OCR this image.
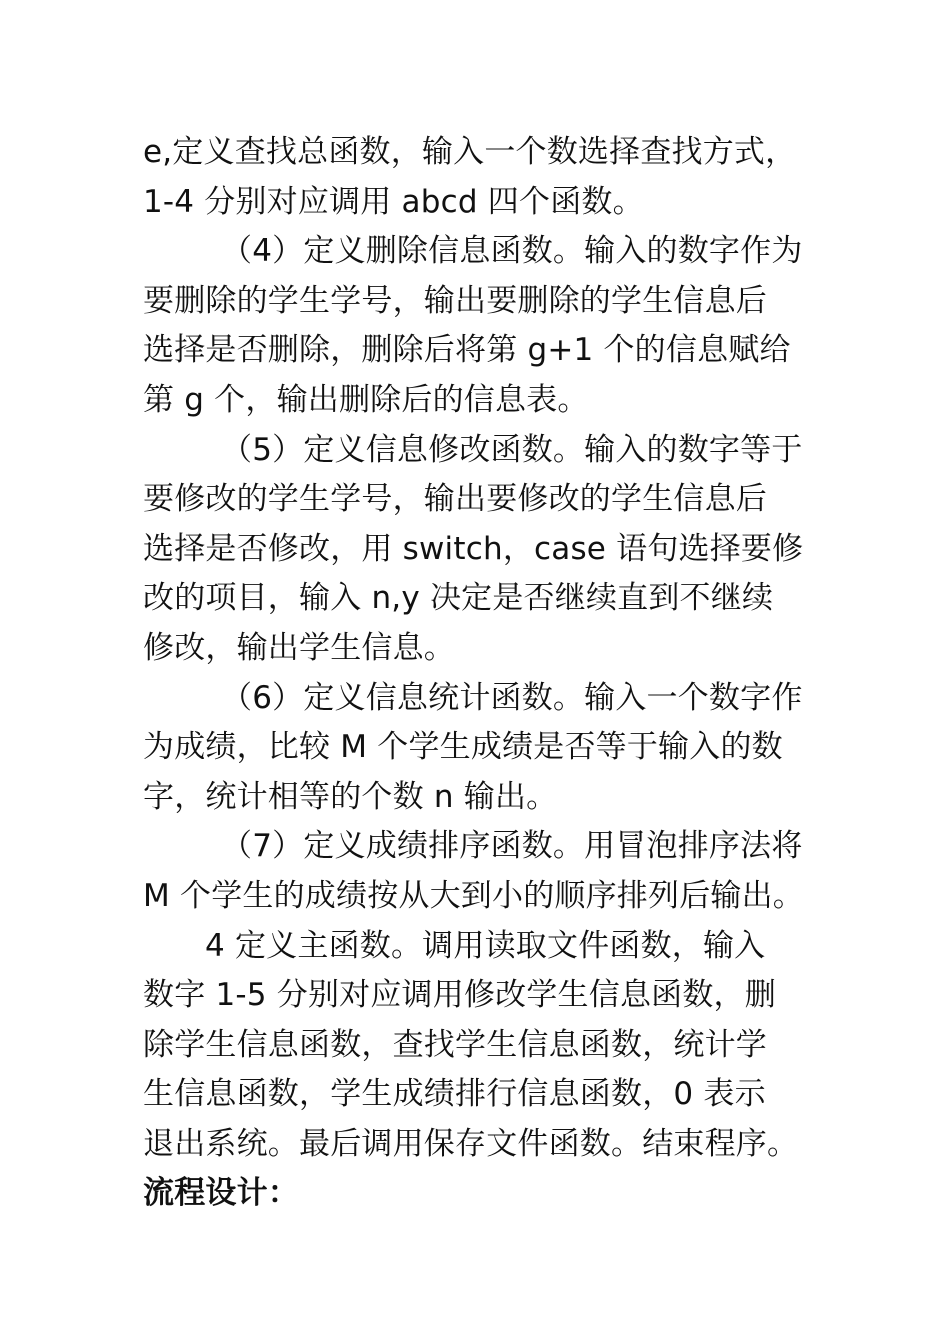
e,定义查找总函数，输入一个数选择查找方式，
1-4 分别对应调用 abcd 四个函数。
（4）定义删除信息函数。输入的数字作为
要删除的学生学号，输出要删除的学生信息后
选择是否删除，删除后将第 g+1 个的信息赋给
第 g 个，输出删除后的信息表。
（5）定义信息修改函数。输入的数字等于
要修改的学生学号，输出要修改的学生信息后
选择是否修改，用 switch，case 语句选择要修
改的项目，输入 n,y 决定是否继续直到不继续
修改，输出学生信息。
（6）定义信息统计函数。输入一个数字作
为成绩，比较 M 个学生成绩是否等于输入的数
字，统计相等的个数 n 输出。
（7）定义成绩排序函数。用冒泡排序法将
M 个学生的成绩按从大到小的顺序排列后输出。
4 定义主函数。调用读取文件函数，输入
数字 1-5 分别对应调用修改学生信息函数，删
除学生信息函数，查找学生信息函数，统计学
生信息函数，学生成绩排行信息函数，0 表示
退出系统。最后调用保存文件函数。结束程序。
流程设计：
